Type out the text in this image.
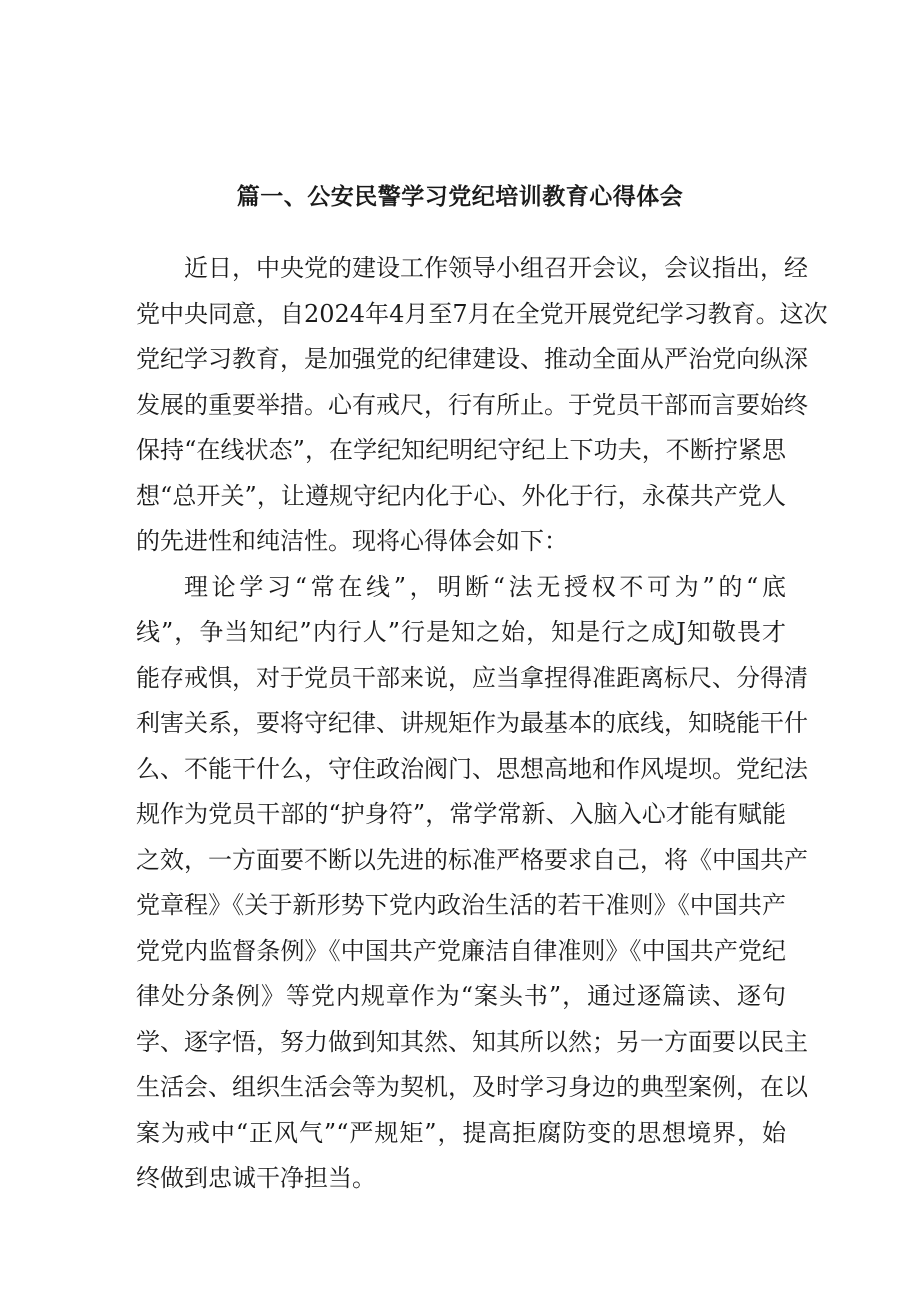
篇一、公安民警学习党纪培训教育心得体会
近日，中央党的建设工作领导小组召开会议，会议指出，经
党中央同意，自2024年4月至7月在全党开展党纪学习教育。这次
党纪学习教育，是加强党的纪律建设、推动全面从严治党向纵深
发展的重要举措。心有戒尺，行有所止。于党员干部而言要始终
保持“在线状态”，在学纪知纪明纪守纪上下功夫，不断拧紧思
想“总开关”，让遵规守纪内化于心、外化于行，永葆共产党人
的先进性和纯洁性。现将心得体会如下：
理论学习“常在线”，明断“法无授权不可为”的“底
线”，争当知纪”内行人”行是知之始，知是行之成J知敬畏才
能存戒惧，对于党员干部来说，应当拿捏得准距离标尺、分得清
利害关系，要将守纪律、讲规矩作为最基本的底线，知晓能干什
么、不能干什么，守住政治阀门、思想高地和作风堤坝。党纪法
规作为党员干部的“护身符”，常学常新、入脑入心才能有赋能
之效，一方面要不断以先进的标准严格要求自己，将《中国共产
党章程》《关于新形势下党内政治生活的若干准则》《中国共产
党党内监督条例》《中国共产党廉洁自律准则》《中国共产党纪
律处分条例》等党内规章作为“案头书”，通过逐篇读、逐句
学、逐字悟，努力做到知其然、知其所以然；另一方面要以民主
生活会、组织生活会等为契机，及时学习身边的典型案例，在以
案为戒中“正风气”“严规矩”，提高拒腐防变的思想境界，始
终做到忠诚干净担当。
